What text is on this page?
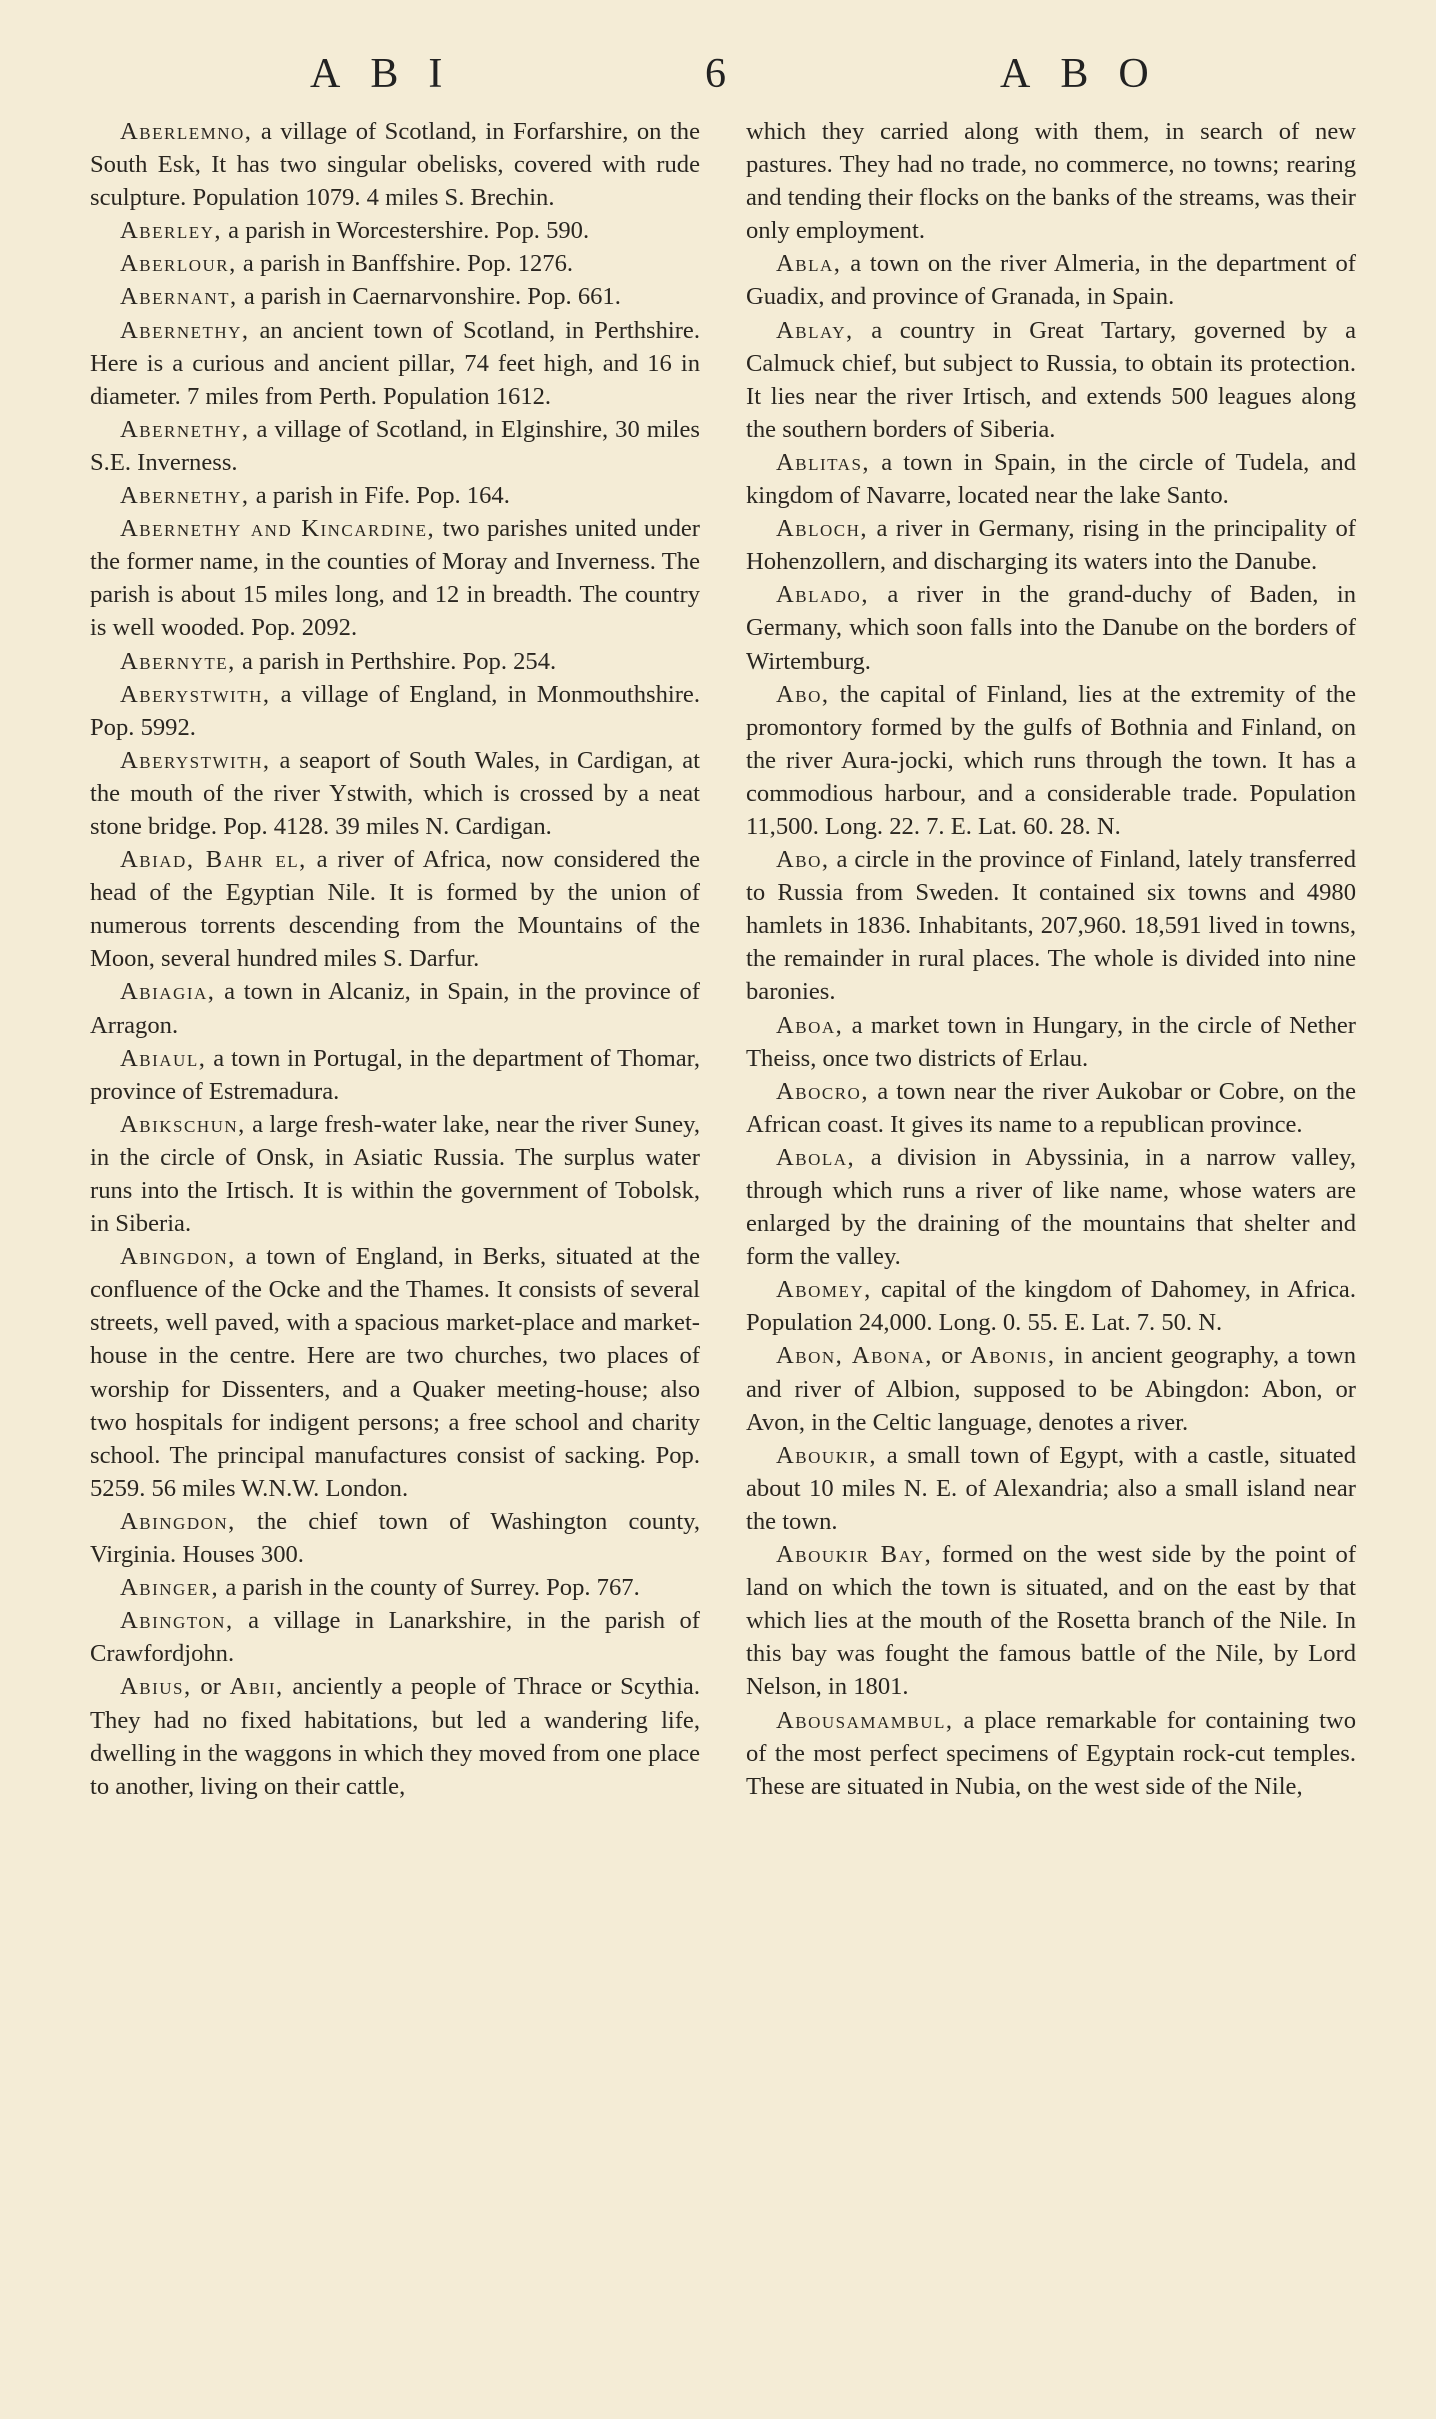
ABI	6	ABO

Aberlemno, a village of Scotland, in Forfarshire, on the South Esk, It has two singular obelisks, covered with rude sculpture. Population 1079. 4 miles S. Brechin.

Aberley, a parish in Worcestershire. Pop. 590.

Aberlour, a parish in Banffshire. Pop. 1276.

Abernant, a parish in Caernarvonshire. Pop. 661.

Abernethy, an ancient town of Scotland, in Perthshire. Here is a curious and ancient pillar, 74 feet high, and 16 in diameter. 7 miles from Perth. Population 1612.

Abernethy, a village of Scotland, in Elginshire, 30 miles S.E. Inverness.

Abernethy, a parish in Fife. Pop. 164.

Abernethy and Kincardine, two parishes united under the former name, in the counties of Moray and Inverness. The parish is about 15 miles long, and 12 in breadth. The country is well wooded. Pop. 2092.

Abernyte, a parish in Perthshire. Pop. 254.

Aberystwith, a village of England, in Monmouthshire. Pop. 5992.

Aberystwith, a seaport of South Wales, in Cardigan, at the mouth of the river Ystwith, which is crossed by a neat stone bridge. Pop. 4128. 39 miles N. Cardigan.

Abiad, Bahr el, a river of Africa, now considered the head of the Egyptian Nile. It is formed by the union of numerous torrents descending from the Mountains of the Moon, several hundred miles S. Darfur.

Abiagia, a town in Alcaniz, in Spain, in the province of Arragon.

Abiaul, a town in Portugal, in the department of Thomar, province of Estremadura.

Abikschun, a large fresh-water lake, near the river Suney, in the circle of Onsk, in Asiatic Russia. The surplus water runs into the Irtisch. It is within the government of Tobolsk, in Siberia.

Abingdon, a town of England, in Berks, situated at the confluence of the Ocke and the Thames. It consists of several streets, well paved, with a spacious market-place and market-house in the centre. Here are two churches, two places of worship for Dissenters, and a Quaker meeting-house; also two hospitals for indigent persons; a free school and charity school. The principal manufactures consist of sacking. Pop. 5259. 56 miles W.N.W. London.

Abingdon, the chief town of Washington county, Virginia. Houses 300.

Abinger, a parish in the county of Surrey. Pop. 767.

Abington, a village in Lanarkshire, in the parish of Crawfordjohn.

Abius, or Abii, anciently a people of Thrace or Scythia. They had no fixed habitations, but led a wandering life, dwelling in the waggons in which they moved from one place to another, living on their cattle,

which they carried along with them, in search of new pastures. They had no trade, no commerce, no towns; rearing and tending their flocks on the banks of the streams, was their only employment.

Abla, a town on the river Almeria, in the department of Guadix, and province of Granada, in Spain.

Ablay, a country in Great Tartary, governed by a Calmuck chief, but subject to Russia, to obtain its protection. It lies near the river Irtisch, and extends 500 leagues along the southern borders of Siberia.

Ablitas, a town in Spain, in the circle of Tudela, and kingdom of Navarre, located near the lake Santo.

Abloch, a river in Germany, rising in the principality of Hohenzollern, and discharging its waters into the Danube.

Ablado, a river in the grand-duchy of Baden, in Germany, which soon falls into the Danube on the borders of Wirtemburg.

Abo, the capital of Finland, lies at the extremity of the promontory formed by the gulfs of Bothnia and Finland, on the river Aura-jocki, which runs through the town. It has a commodious harbour, and a considerable trade. Population 11,500. Long. 22. 7. E. Lat. 60. 28. N.

Abo, a circle in the province of Finland, lately transferred to Russia from Sweden. It contained six towns and 4980 hamlets in 1836. Inhabitants, 207,960. 18,591 lived in towns, the remainder in rural places. The whole is divided into nine baronies.

Aboa, a market town in Hungary, in the circle of Nether Theiss, once two districts of Erlau.

Abocro, a town near the river Aukobar or Cobre, on the African coast. It gives its name to a republican province.

Abola, a division in Abyssinia, in a narrow valley, through which runs a river of like name, whose waters are enlarged by the draining of the mountains that shelter and form the valley.

Abomey, capital of the kingdom of Dahomey, in Africa. Population 24,000. Long. 0. 55. E. Lat. 7. 50. N.

Abon, Abona, or Abonis, in ancient geography, a town and river of Albion, supposed to be Abingdon: Abon, or Avon, in the Celtic language, denotes a river.

Aboukir, a small town of Egypt, with a castle, situated about 10 miles N. E. of Alexandria; also a small island near the town.

Aboukir Bay, formed on the west side by the point of land on which the town is situated, and on the east by that which lies at the mouth of the Rosetta branch of the Nile. In this bay was fought the famous battle of the Nile, by Lord Nelson, in 1801.

Abousamambul, a place remarkable for containing two of the most perfect specimens of Egyptain rock-cut temples. These are situated in Nubia, on the west side of the Nile,
